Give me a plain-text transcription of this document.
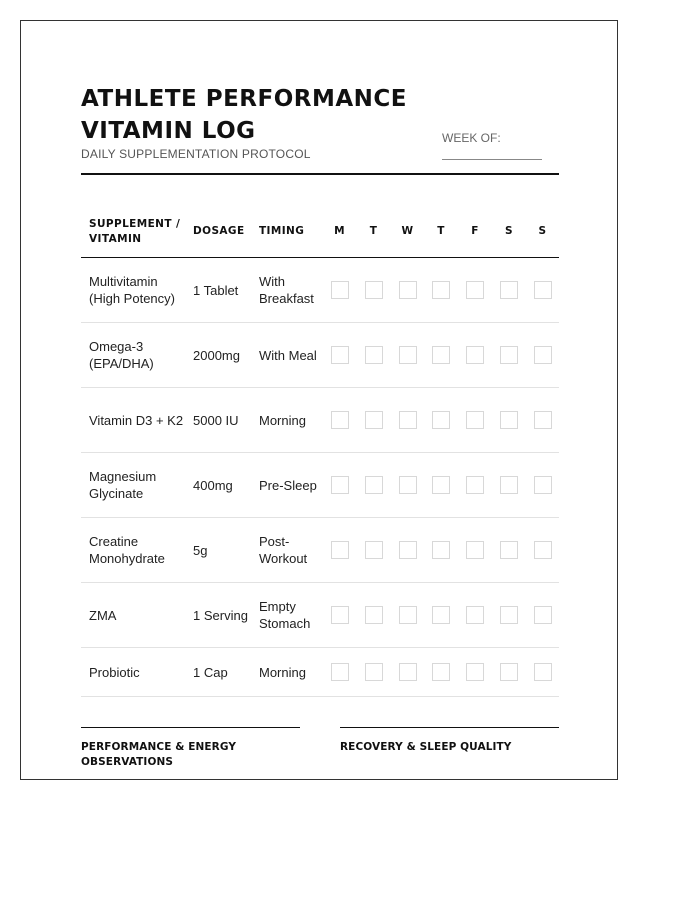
ATHLETE PERFORMANCE
VITAMIN LOG
DAILY SUPPLEMENTATION PROTOCOL
WEEK OF:
SUPPLEMENT / VITAMIN	DOSAGE	TIMING	M	T	W	T	F	S	S
Multivitamin (High Potency)	1 Tablet	With Breakfast							
Omega-3 (EPA/DHA)	2000mg	With Meal							
Vitamin D3 + K2	5000 IU	Morning							
Magnesium Glycinate	400mg	Pre-Sleep							
Creatine Monohydrate	5g	Post-Workout							
ZMA	1 Serving	Empty Stomach							
Probiotic	1 Cap	Morning							
PERFORMANCE & ENERGY OBSERVATIONS
RECOVERY & SLEEP QUALITY
